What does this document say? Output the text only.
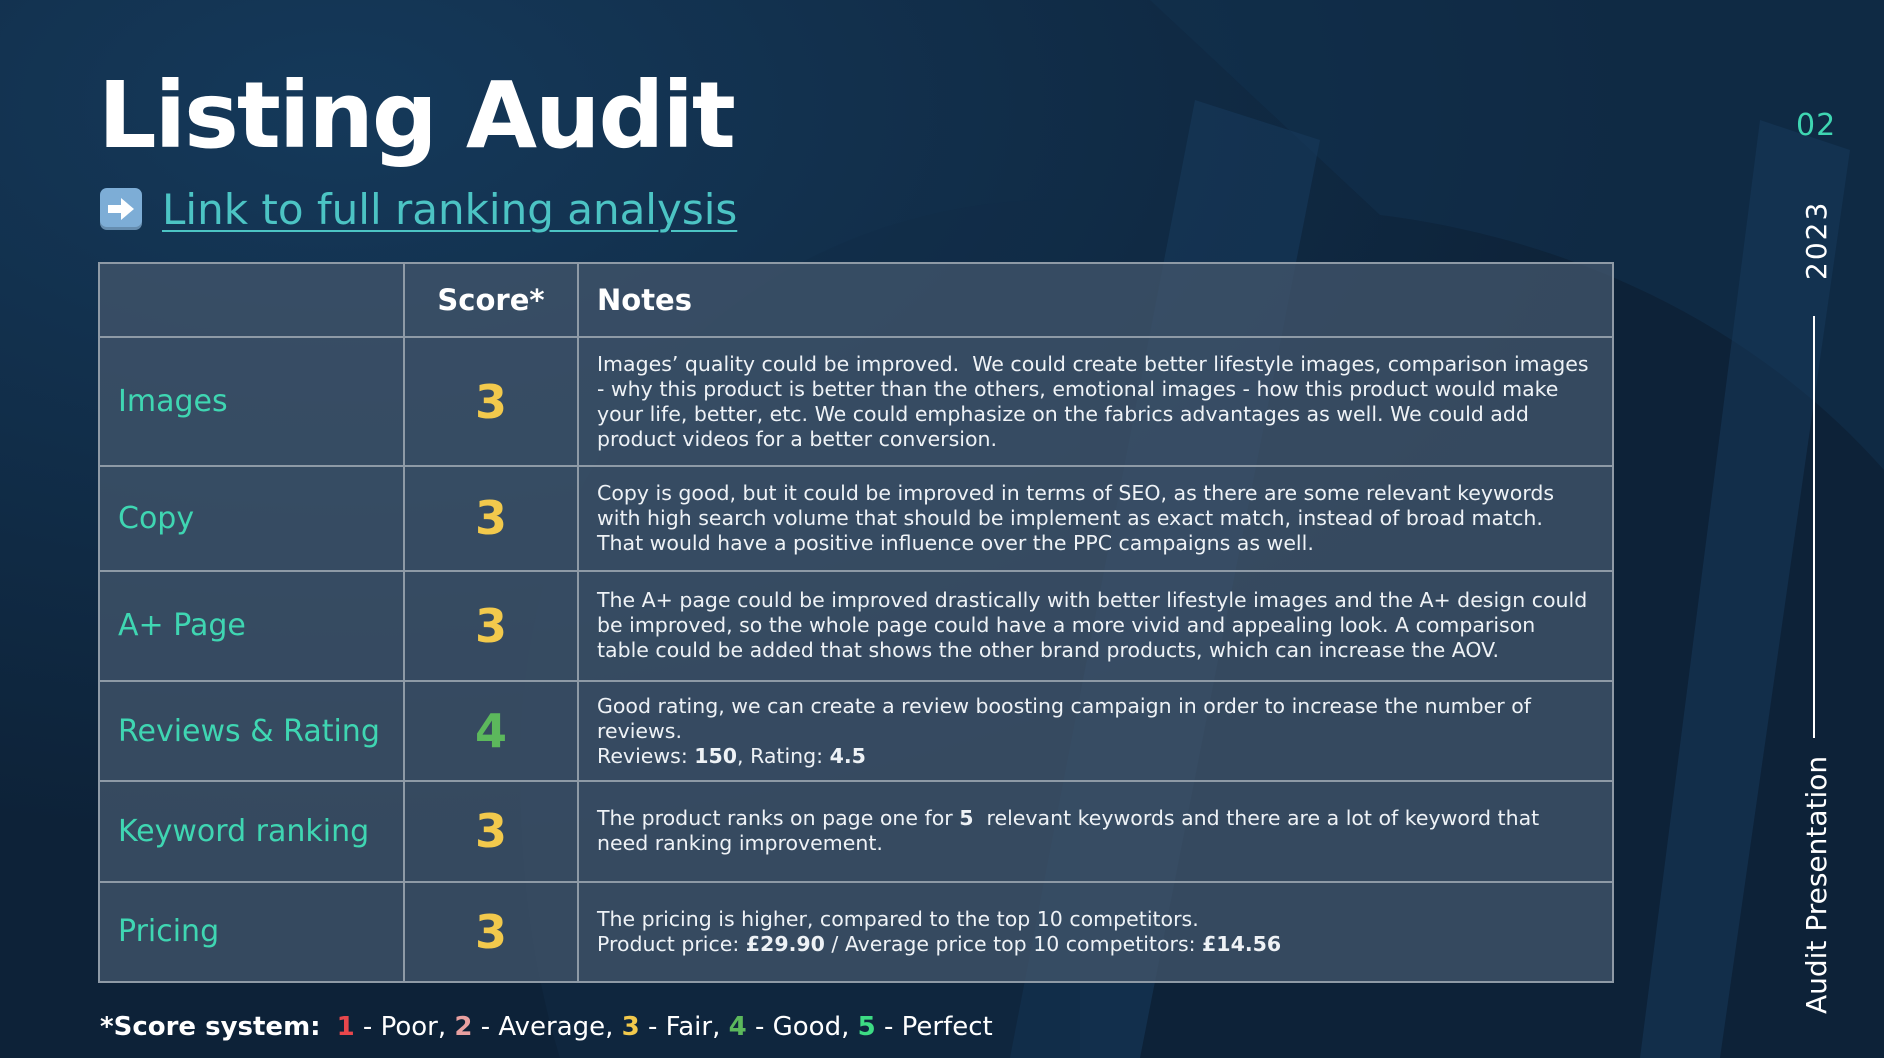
Listing Audit
Link to full ranking analysis
	Score*	Notes
Images	3	Images’ quality could be improved.  We could create better lifestyle images, comparison images - why this product is better than the others, emotional images - how this product would make your life, better, etc. We could emphasize on the fabrics advantages as well. We could add product videos for a better conversion.
Copy	3	Copy is good, but it could be improved in terms of SEO, as there are some relevant keywords with high search volume that should be implement as exact match, instead of broad match. That would have a positive influence over the PPC campaigns as well.
A+ Page	3	The A+ page could be improved drastically with better lifestyle images and the A+ design could be improved, so the whole page could have a more vivid and appealing look. A comparison table could be added that shows the other brand products, which can increase the AOV.
Reviews & Rating	4	Good rating, we can create a review boosting campaign in order to increase the number of reviews.
Reviews: 150, Rating: 4.5
Keyword ranking	3	The product ranks on page one for 5  relevant keywords and there are a lot of keyword that need ranking improvement.
Pricing	3	The pricing is higher, compared to the top 10 competitors.
Product price: £29.90 / Average price top 10 competitors: £14.56
*Score system: 1 - Poor, 2 - Average, 3 - Fair, 4 - Good, 5 - Perfect
02
2023
Audit Presentation
